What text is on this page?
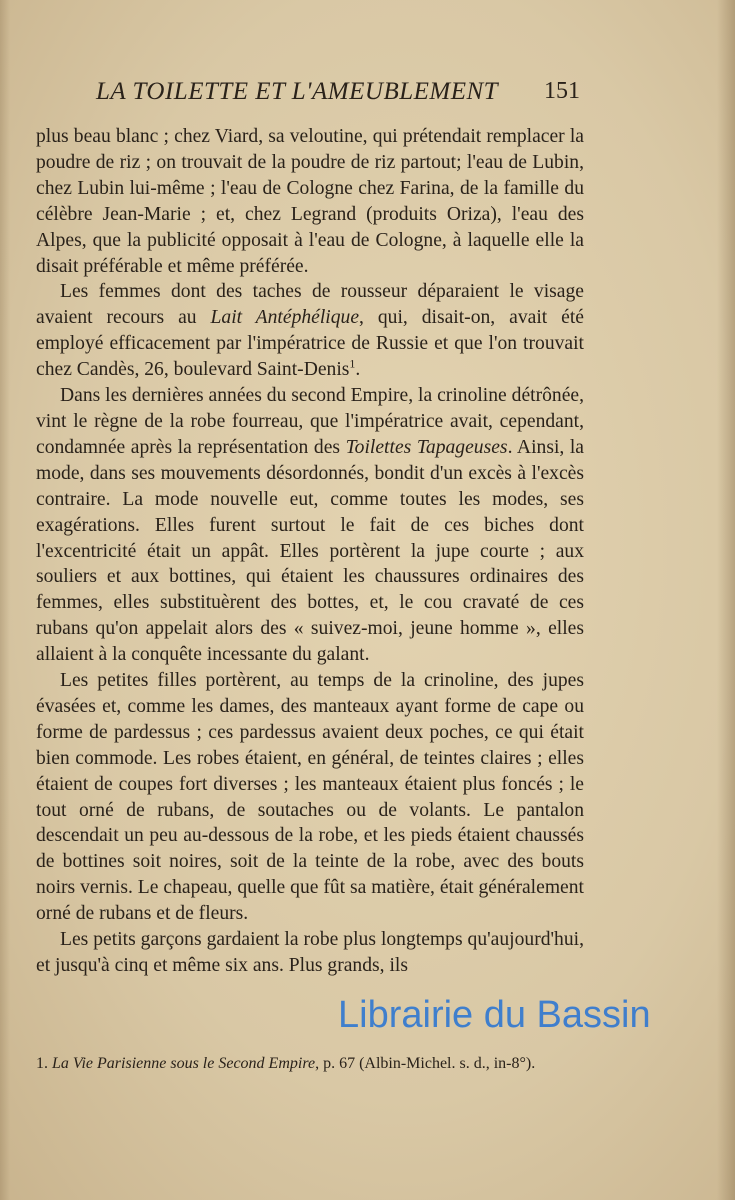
LA TOILETTE ET L'AMEUBLEMENT 151

plus beau blanc ; chez Viard, sa veloutine, qui prétendait remplacer la poudre de riz ; on trouvait de la poudre de riz partout; l'eau de Lubin, chez Lubin lui-même ; l'eau de Cologne chez Farina, de la famille du célèbre Jean-Marie ; et, chez Legrand (produits Oriza), l'eau des Alpes, que la publicité opposait à l'eau de Cologne, à laquelle elle la disait préférable et même préférée.

Les femmes dont des taches de rousseur déparaient le visage avaient recours au Lait Antéphélique, qui, disait-on, avait été employé efficacement par l'impératrice de Russie et que l'on trouvait chez Candès, 26, boulevard Saint-Denis$^1$.

Dans les dernières années du second Empire, la crinoline détrônée, vint le règne de la robe fourreau, que l'impératrice avait, cependant, condamnée après la représentation des Toilettes Tapageuses. Ainsi, la mode, dans ses mouvements désordonnés, bondit d'un excès à l'excès contraire. La mode nouvelle eut, comme toutes les modes, ses exagérations. Elles furent surtout le fait de ces biches dont l'excentricité était un appât. Elles portèrent la jupe courte ; aux souliers et aux bottines, qui étaient les chaussures ordinaires des femmes, elles substituèrent des bottes, et, le cou cravaté de ces rubans qu'on appelait alors des « suivez-moi, jeune homme », elles allaient à la conquête incessante du galant.

Les petites filles portèrent, au temps de la crinoline, des jupes évasées et, comme les dames, des manteaux ayant forme de cape ou forme de pardessus ; ces pardessus avaient deux poches, ce qui était bien commode. Les robes étaient, en général, de teintes claires ; elles étaient de coupes fort diverses ; les manteaux étaient plus foncés ; le tout orné de rubans, de soutaches ou de volants. Le pantalon descendait un peu au-dessous de la robe, et les pieds étaient chaussés de bottines soit noires, soit de la teinte de la robe, avec des bouts noirs vernis. Le chapeau, quelle que fût sa matière, était généralement orné de rubans et de fleurs.

Les petits garçons gardaient la robe plus longtemps qu'aujourd'hui, et jusqu'à cinq et même six ans. Plus grands, ils

1. La Vie Parisienne sous le Second Empire, p. 67 (Albin-Michel. s. d., in-8°).
Librairie du Bassin
